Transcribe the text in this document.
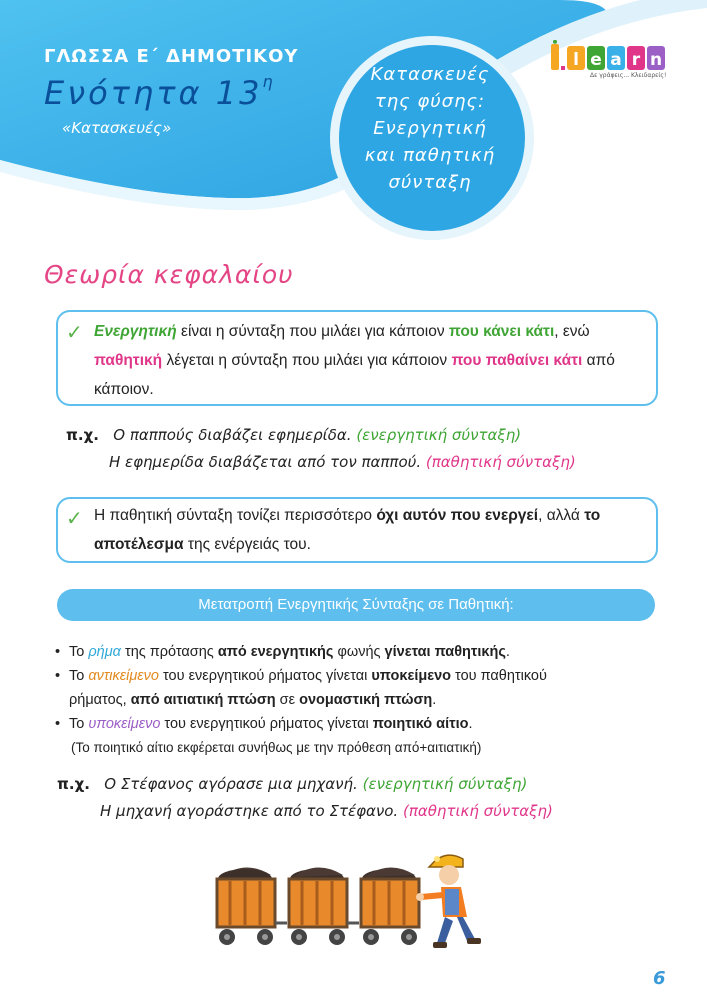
ΓΛΩΣΣΑ Ε΄ ΔΗΜΟΤΙΚΟΥ
Ενότητα $13^\eta$
«Κατασκευές»
Κατασκευές της φύσης: Ενεργητική και παθητική σύνταξη
l e a r n
Δε γράφεις... Κλειδαρείς!
Θεωρία κεφαλαίου
✓ Ενεργητική είναι η σύνταξη που μιλάει για κάποιον που κάνει κάτι, ενώ παθητική λέγεται η σύνταξη που μιλάει για κάποιον που παθαίνει κάτι από κάποιον.
π.χ. Ο παππούς διαβάζει εφημερίδα. (ενεργητική σύνταξη)
Η εφημερίδα διαβάζεται από τον παππού. (παθητική σύνταξη)
✓ Η παθητική σύνταξη τονίζει περισσότερο όχι αυτόν που ενεργεί, αλλά το αποτέλεσμα της ενέργειάς του.
Μετατροπή Ενεργητικής Σύνταξης σε Παθητική:
• Το ρήμα της πρότασης από ενεργητικής φωνής γίνεται παθητικής.
• Το αντικείμενο του ενεργητικού ρήματος γίνεται υποκείμενο του παθητικού
ρήματος, από αιτιατική πτώση σε ονομαστική πτώση.
• Το υποκείμενο του ενεργητικού ρήματος γίνεται ποιητικό αίτιο.
(Το ποιητικό αίτιο εκφέρεται συνήθως με την πρόθεση από+αιτιατική)
π.χ. Ο Στέφανος αγόρασε μια μηχανή. (ενεργητική σύνταξη)
Η μηχανή αγοράστηκε από το Στέφανο. (παθητική σύνταξη)
6
